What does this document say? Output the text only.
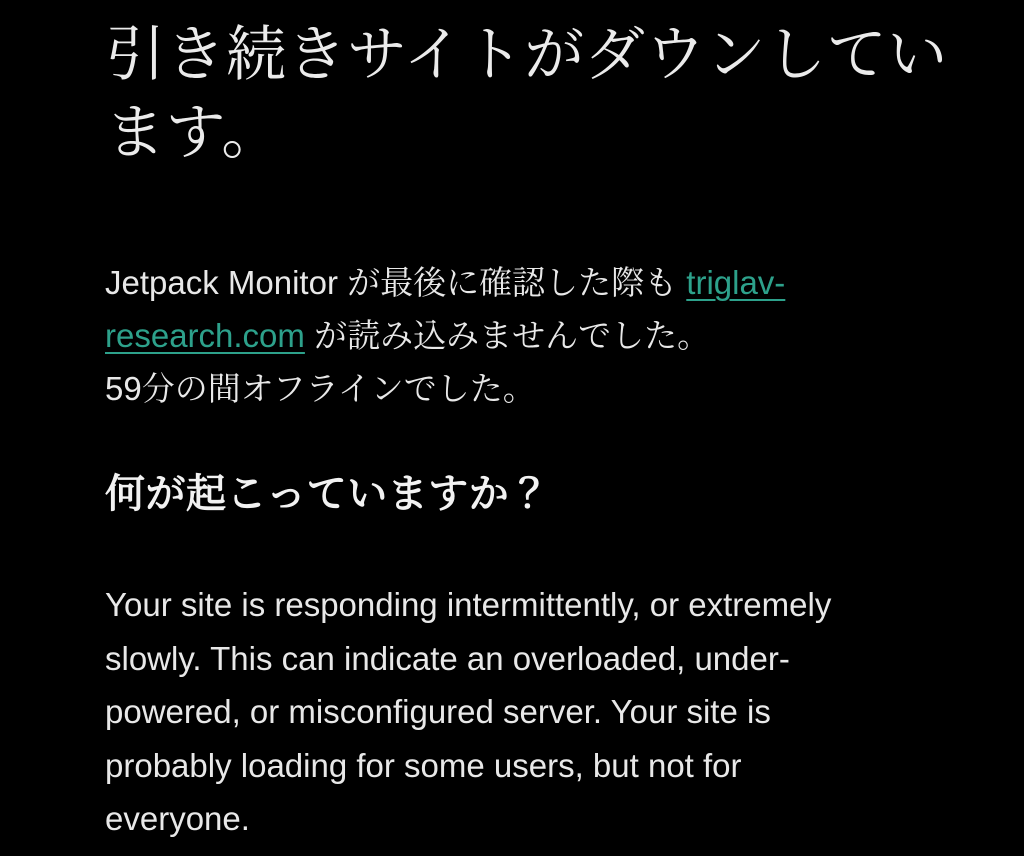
引き続きサイトがダウンしてい
ます。

Jetpack Monitor が最後に確認した際も triglav-
research.com が読み込みませんでした。
59分の間オフラインでした。

何が起こっていますか？

Your site is responding intermittently, or extremely
slowly. This can indicate an overloaded, under-
powered, or misconfigured server. Your site is
probably loading for some users, but not for
everyone.
